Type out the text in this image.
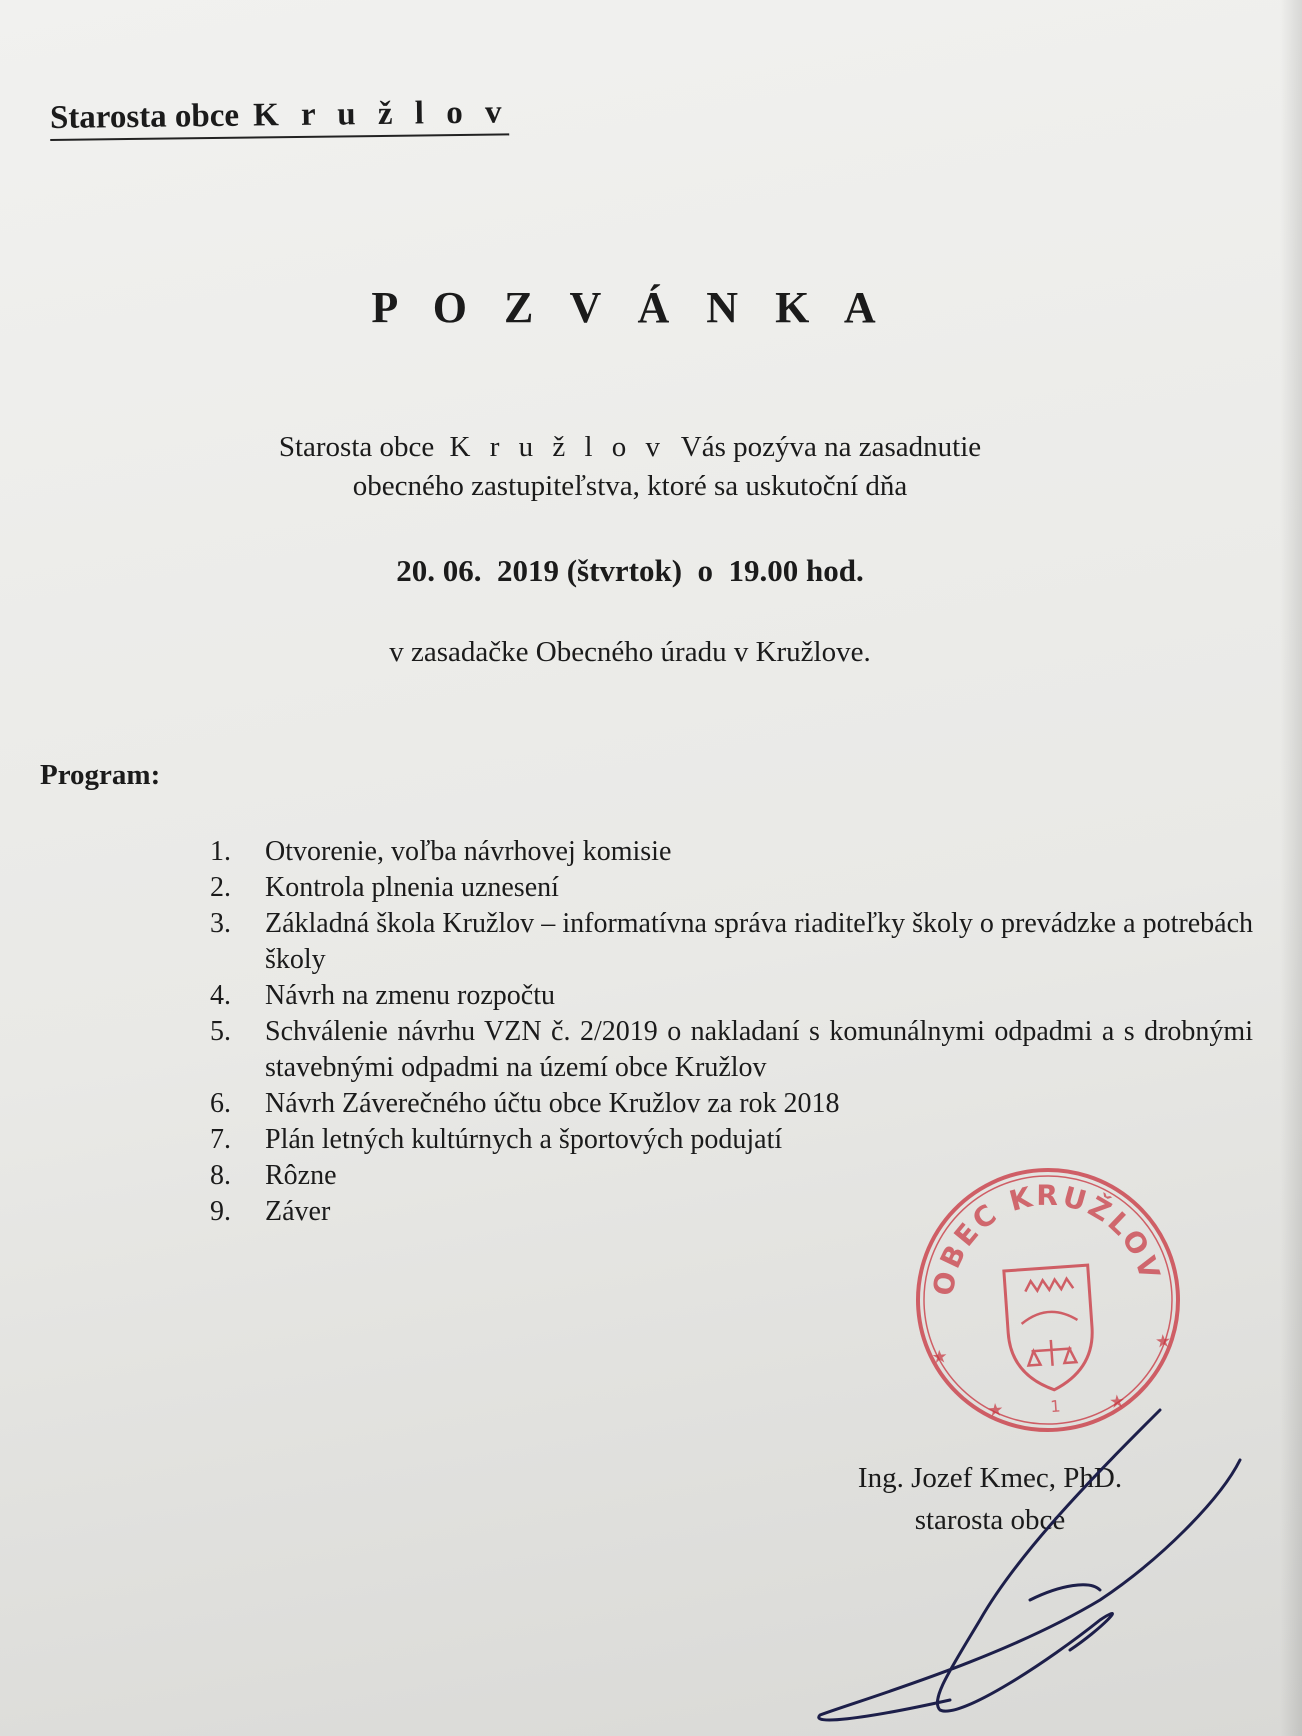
Starosta obce K r u ž l o v
P O Z V Á N K A
Starosta obce K r u ž l o v Vás pozýva na zasadnutie
obecného zastupiteľstva, ktoré sa uskutoční dňa
20. 06.  2019 (štvrtok)  o  19.00 hod.
v zasadačke Obecného úradu v Kružlove.
Program:
1.	Otvorenie, voľba návrhovej komisie
2.	Kontrola plnenia uznesení
3.	Základná škola Kružlov – informatívna správa riaditeľky školy o prevádzke a potrebách školy
4.	Návrh na zmenu rozpočtu
5.	Schválenie návrhu VZN č. 2/2019 o nakladaní s komunálnymi odpadmi a s drobnými stavebnými odpadmi na území obce Kružlov
6.	Návrh Záverečného účtu obce Kružlov za rok 2018
7.	Plán letných kultúrnych a športových podujatí
8.	Rôzne
9.	Záver
OBEC KRUŽLOV
1
★
★
★	★
Ing. Jozef Kmec, PhD.
starosta obce
